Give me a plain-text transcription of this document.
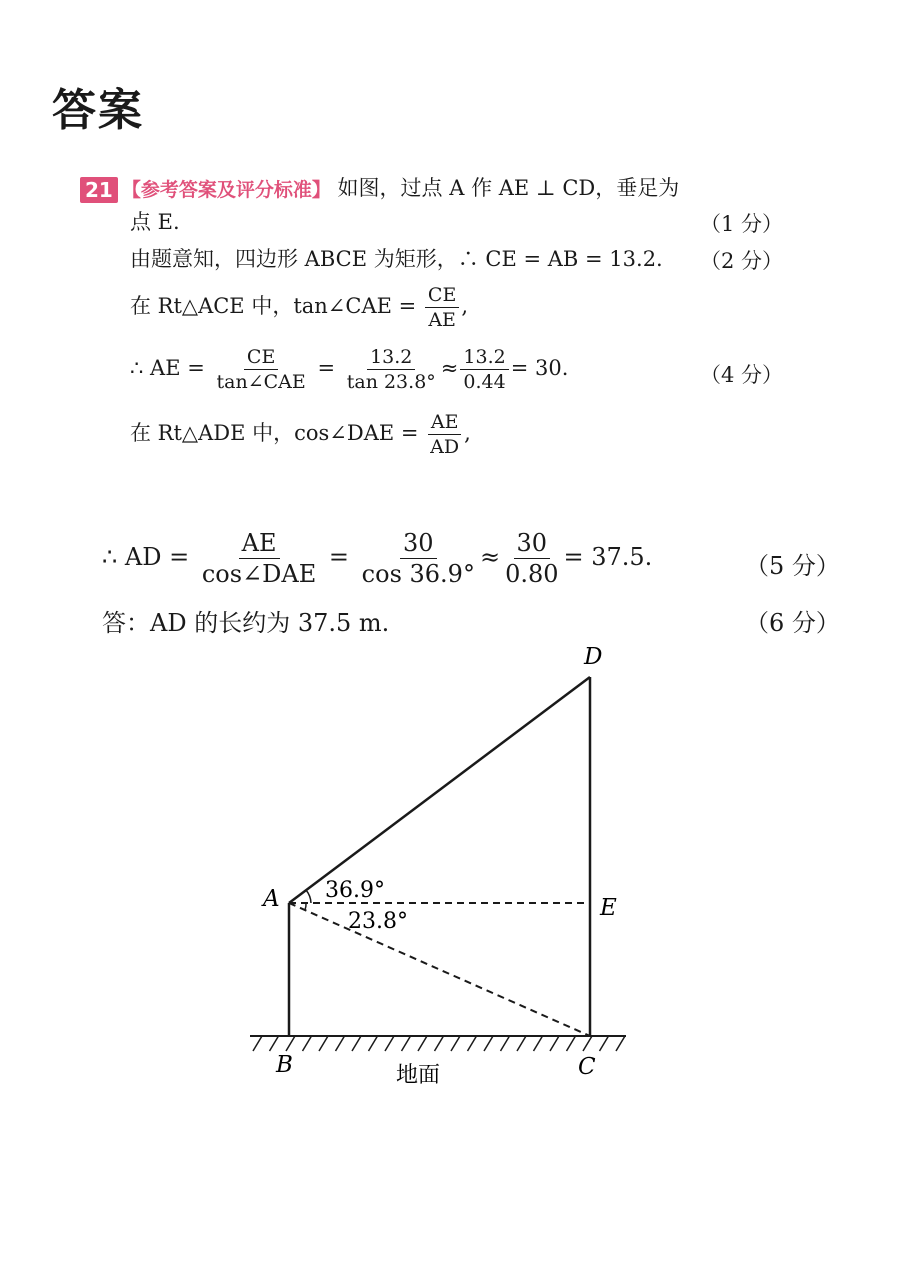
答案
21 【参考答案及评分标准】 如图，过点 A 作 AE ⊥ CD，垂足为
点 E.	（1 分）
由题意知，四边形 ABCE 为矩形，∴ CE = AB = 13.2. （2 分）
在 Rt△ACE 中，tan∠CAE = $\frac{CE}{AE}$ ,
∴ AE = $\frac{CE}{\text{tan∠CAE}} = \frac{13.2}{\tan 23.8^\circ} \approx \frac{13.2}{0.44} = 30$.	（4 分）
在 Rt△ADE 中，cos∠DAE = $\frac{AE}{AD}$ ,
∴ AD = $\frac{AE}{\text{cos∠DAE}} = \frac{30}{\cos 36.9^\circ} \approx \frac{30}{0.80} = 37.5$.	（5 分）
答：AD 的长约为 37.5 m.	（6 分）
D
A	E
B	C
36.9°
23.8°
地面
